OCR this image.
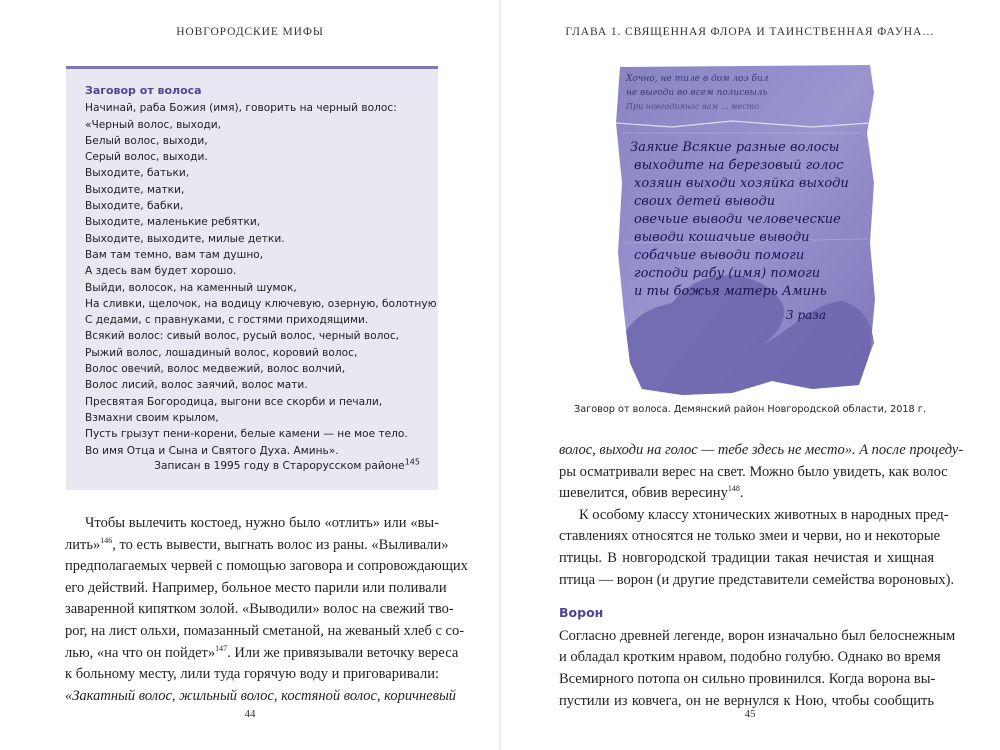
НОВГОРОДСКИЕ МИФЫ
Заговор от волоса
Начинай, раба Божия (имя), говорить на черный волос:
«Черный волос, выходи,
Белый волос, выходи,
Серый волос, выходи.
Выходите, батьки,
Выходите, матки,
Выходите, бабки,
Выходите, маленькие ребятки,
Выходите, выходите, милые детки.
Вам там темно, вам там душно,
А здесь вам будет хорошо.
Выйди, волосок, на каменный шумок,
На сливки, щелочок, на водицу ключевую, озерную, болотную
С дедами, с правнуками, с гостями приходящими.
Всякий волос: сивый волос, русый волос, черный волос,
Рыжий волос, лошадиный волос, коровий волос,
Волос овечий, волос медвежий, волос волчий,
Волос лисий, волос заячий, волос мати.
Пресвятая Богородица, выгони все скорби и печали,
Взмахни своим крылом,
Пусть грызут пени-корени, белые камени — не мое тело.
Во имя Отца и Сына и Святого Духа. Аминь».
Записан в 1995 году в Старорусском районе$^{145}$
Чтобы вылечить костоед, нужно было «отлить» или «вы-
лить»$^{146}$, то есть вывести, выгнать волос из раны. «Выливали»
предполагаемых червей с помощью заговора и сопровождающих
его действий. Например, больное место парили или поливали
заваренной кипятком золой. «Выводили» волос на свежий тво-
рог, на лист ольхи, помазанный сметаной, на жеваный хлеб с со-
лью, «на что он пойдет»$^{147}$. Или же привязывали веточку вереса
к больному месту, лили туда горячую воду и приговаривали:
«Закатный волос, жильный волос, костяной волос, коричневый
44
ГЛАВА 1. СВЯЩЕННАЯ ФЛОРА И ТАИНСТВЕННАЯ ФАУНА…
Хочно, не тиле в дом лоэ бил
не выгоди во всем полисвыль
При новгодиянос вам ... место
Заякие Всякие разные волосы
выходите на березовый голос
хозяин выходи хозяйка выходи
своих детей выводи
овечьие выводи человеческие
выводи кошачьие выводи
собачьие выводи помоги
господи рабу (имя) помоги
и ты божья матерь Аминь
3 раза
Заговор от волоса. Демянский район Новгородской области, 2018 г.
волос, выходи на голос — тебе здесь не место». А после процеду-
ры осматривали верес на свет. Можно было увидеть, как волос
шевелится, обвив вересину$^{148}$.
К особому классу хтонических животных в народных пред-
ставлениях относятся не только змеи и черви, но и некоторые
птицы. В новгородской традиции такая нечистая и хищная
птица — ворон (и другие представители семейства вороновых).
Ворон
Согласно древней легенде, ворон изначально был белоснежным
и обладал кротким нравом, подобно голубю. Однако во время
Всемирного потопа он сильно провинился. Когда ворона вы-
пустили из ковчега, он не вернулся к Ною, чтобы сообщить
45
